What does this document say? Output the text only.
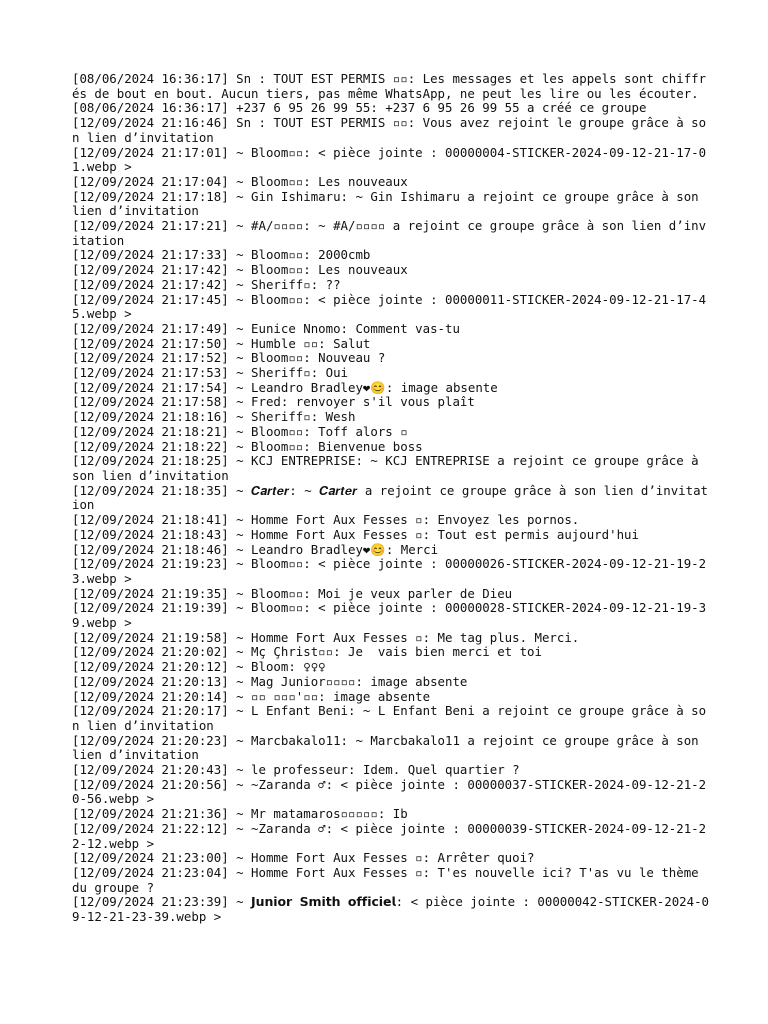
[08/06/2024 16:36:17] Sn : TOUT EST PERMIS ▫▫: Les messages et les appels sont chiffrés de bout en bout. Aucun tiers, pas même WhatsApp, ne peut les lire ou les écouter.
[08/06/2024 16:36:17] +237 6 95 26 99 55: +237 6 95 26 99 55 a créé ce groupe
[12/09/2024 21:16:46] Sn : TOUT EST PERMIS ▫▫: Vous avez rejoint le groupe grâce à son lien d’invitation
[12/09/2024 21:17:01] ~ Bloom▫▫: < pièce jointe : 00000004-STICKER-2024-09-12-21-17-01.webp >
[12/09/2024 21:17:04] ~ Bloom▫▫: Les nouveaux
[12/09/2024 21:17:18] ~ Gin Ishimaru: ~ Gin Ishimaru a rejoint ce groupe grâce à son lien d’invitation
[12/09/2024 21:17:21] ~ #A/▫▫▫▫: ~ #A/▫▫▫▫ a rejoint ce groupe grâce à son lien d’invitation
[12/09/2024 21:17:33] ~ Bloom▫▫: 2000cmb
[12/09/2024 21:17:42] ~ Bloom▫▫: Les nouveaux
[12/09/2024 21:17:42] ~ Sheriff▫: ??
[12/09/2024 21:17:45] ~ Bloom▫▫: < pièce jointe : 00000011-STICKER-2024-09-12-21-17-45.webp >
[12/09/2024 21:17:49] ~ Eunice Nnomo: Comment vas-tu
[12/09/2024 21:17:50] ~ Humble ▫▫: Salut
[12/09/2024 21:17:52] ~ Bloom▫▫: Nouveau ?
[12/09/2024 21:17:53] ~ Sheriff▫: Oui
[12/09/2024 21:17:54] ~ Leandro Bradley❤😊: image absente
[12/09/2024 21:17:58] ~ Fred: renvoyer s'il vous plaît
[12/09/2024 21:18:16] ~ Sheriff▫: Wesh
[12/09/2024 21:18:21] ~ Bloom▫▫: Toff alors ▫
[12/09/2024 21:18:22] ~ Bloom▫▫: Bienvenue boss
[12/09/2024 21:18:25] ~ KCJ ENTREPRISE: ~ KCJ ENTREPRISE a rejoint ce groupe grâce à son lien d’invitation
[12/09/2024 21:18:35] ~ 𝑪𝒂𝒓𝒕𝒆𝒓: ~ 𝑪𝒂𝒓𝒕𝒆𝒓 a rejoint ce groupe grâce à son lien d’invitation
[12/09/2024 21:18:41] ~ Homme Fort Aux Fesses ▫: Envoyez les pornos.
[12/09/2024 21:18:43] ~ Homme Fort Aux Fesses ▫: Tout est permis aujourd'hui
[12/09/2024 21:18:46] ~ Leandro Bradley❤😊: Merci
[12/09/2024 21:19:23] ~ Bloom▫▫: < pièce jointe : 00000026-STICKER-2024-09-12-21-19-23.webp >
[12/09/2024 21:19:35] ~ Bloom▫▫: Moi je veux parler de Dieu
[12/09/2024 21:19:39] ~ Bloom▫▫: < pièce jointe : 00000028-STICKER-2024-09-12-21-19-39.webp >
[12/09/2024 21:19:58] ~ Homme Fort Aux Fesses ▫: Me tag plus. Merci.
[12/09/2024 21:20:02] ~ Mç Çhrist▫▫: Je  vais bien merci et toi
[12/09/2024 21:20:12] ~ Bloom: ♀♀♀
[12/09/2024 21:20:13] ~ Mag Junior▫▫▫▫: image absente
[12/09/2024 21:20:14] ~ ▫▫ ▫▫▫'▫▫: image absente
[12/09/2024 21:20:17] ~ L Enfant Beni: ~ L Enfant Beni a rejoint ce groupe grâce à son lien d’invitation
[12/09/2024 21:20:23] ~ Marcbakalo11: ~ Marcbakalo11 a rejoint ce groupe grâce à son lien d’invitation
[12/09/2024 21:20:43] ~ le professeur: Idem. Quel quartier ?
[12/09/2024 21:20:56] ~ ~Zaranda ♂: < pièce jointe : 00000037-STICKER-2024-09-12-21-20-56.webp >
[12/09/2024 21:21:36] ~ Mr matamaros▫▫▫▫▫: Ib
[12/09/2024 21:22:12] ~ ~Zaranda ♂: < pièce jointe : 00000039-STICKER-2024-09-12-21-22-12.webp >
[12/09/2024 21:23:00] ~ Homme Fort Aux Fesses ▫: Arrêter quoi?
[12/09/2024 21:23:04] ~ Homme Fort Aux Fesses ▫: T'es nouvelle ici? T'as vu le thème du groupe ?
[12/09/2024 21:23:39] ~ 𝗝𝘂𝗻𝗶𝗼𝗿 𝗦𝗺𝗶𝘁𝗵 𝗼𝗳𝗳𝗶𝗰𝗶𝗲𝗹: < pièce jointe : 00000042-STICKER-2024-09-12-21-23-39.webp >
